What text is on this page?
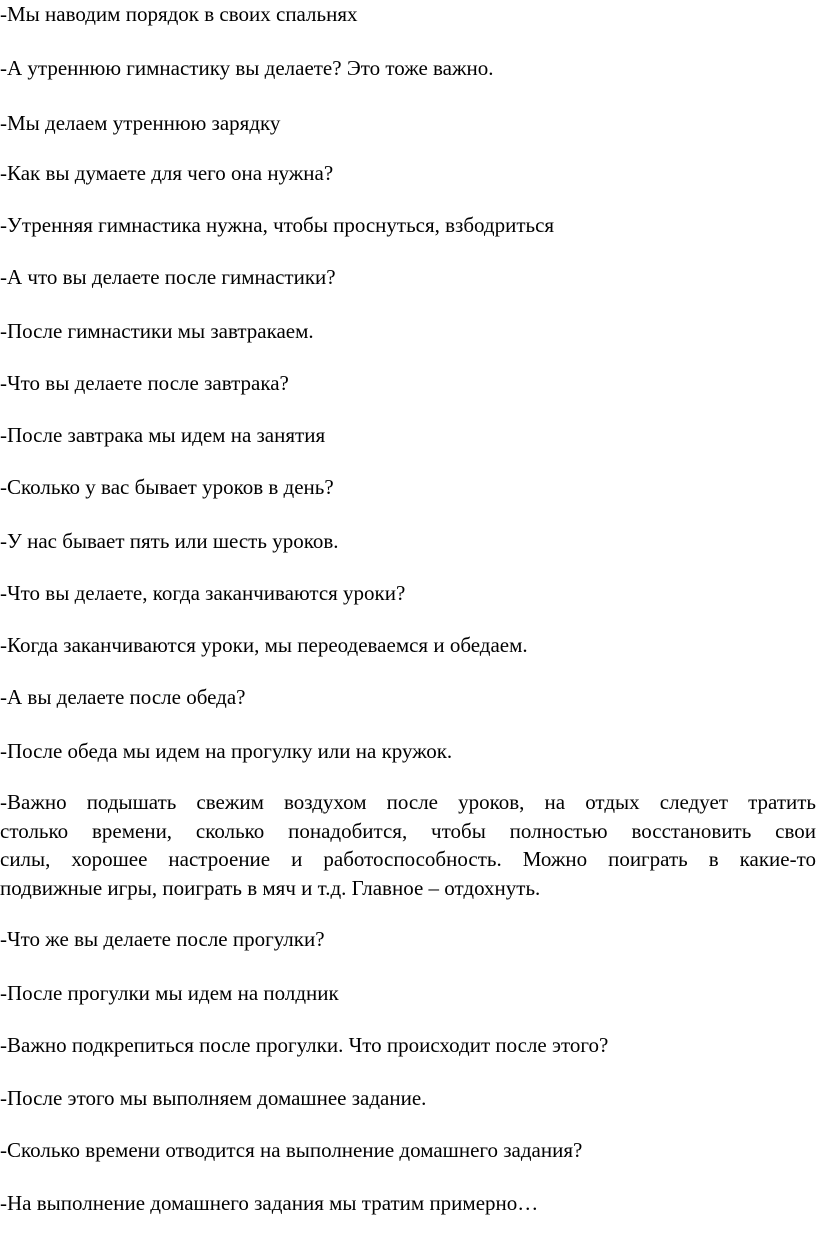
-Мы наводим порядок в своих спальнях

-А утреннюю гимнастику вы делаете? Это тоже важно.

-Мы делаем утреннюю зарядку

-Как вы думаете для чего она нужна?

-Утренняя гимнастика нужна, чтобы проснуться, взбодриться

-А что вы делаете после гимнастики?

-После гимнастики мы завтракаем.

-Что вы делаете после завтрака?

-После завтрака мы идем на занятия

-Сколько у вас бывает уроков в день?

-У нас бывает пять или шесть уроков.

-Что вы делаете, когда заканчиваются уроки?

-Когда заканчиваются уроки, мы переодеваемся и обедаем.

-А вы делаете после обеда?

-После обеда мы идем на прогулку или на кружок.

-Важно подышать свежим воздухом после уроков, на отдых следует тратить
столько времени, сколько понадобится, чтобы полностью восстановить свои
силы, хорошее настроение и работоспособность. Можно поиграть в какие-то
подвижные игры, поиграть в мяч и т.д. Главное – отдохнуть.

-Что же вы делаете после прогулки?

-После прогулки мы идем на полдник

-Важно подкрепиться после прогулки. Что происходит после этого?

-После этого мы выполняем домашнее задание.

-Сколько времени отводится на выполнение домашнего задания?

-На выполнение домашнего задания мы тратим примерно…
